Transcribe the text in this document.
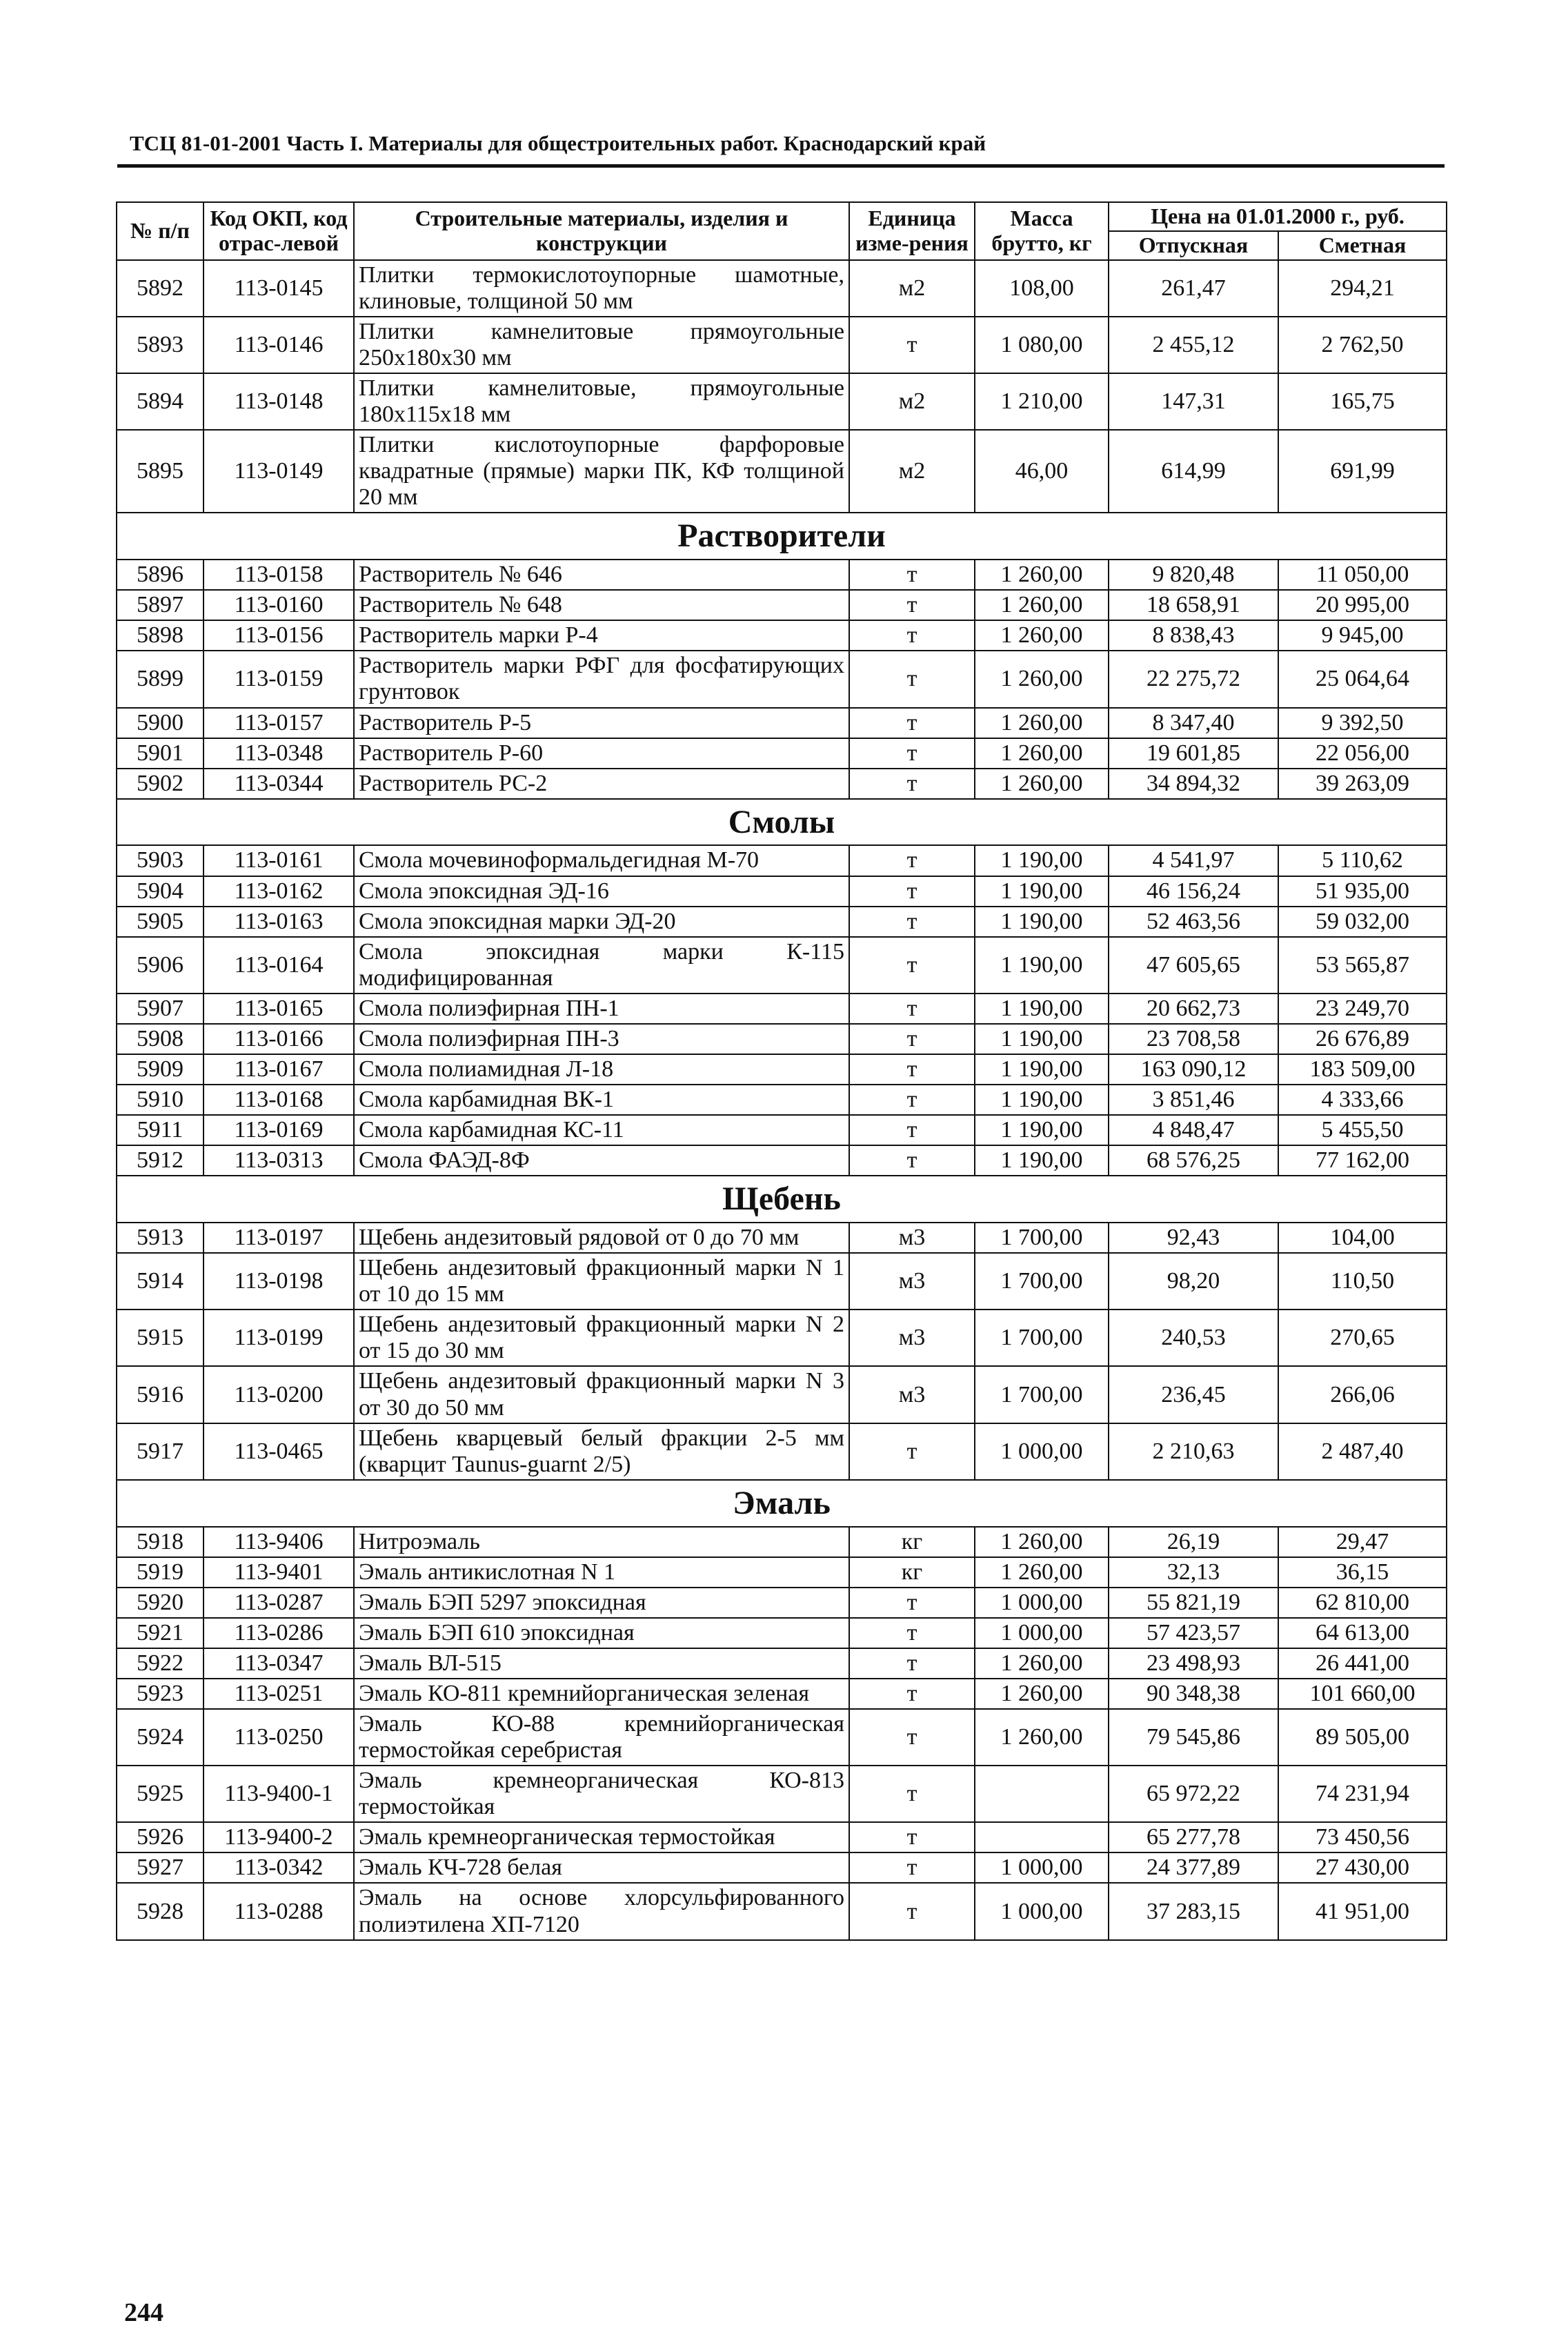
ТСЦ 81-01-2001 Часть I. Материалы для общестроительных работ. Краснодарский край
№ п/п	Код ОКП, код отрас-левой	Строительные материалы, изделия и конструкции	Единица изме-рения	Масса брутто, кг	Цена на 01.01.2000 г., руб.	
					Отпускная	Сметная
5892	113-0145	Плитки термокислотоупорные шамотные, клиновые, толщиной 50 мм	м2	108,00	261,47	294,21
5893	113-0146	Плитки камнелитовые прямоугольные 250х180х30 мм	т	1 080,00	2 455,12	2 762,50
5894	113-0148	Плитки камнелитовые, прямоугольные 180х115х18 мм	м2	1 210,00	147,31	165,75
5895	113-0149	Плитки кислотоупорные фарфоровые квадратные (прямые) марки ПК, КФ толщиной 20 мм	м2	46,00	614,99	691,99
Растворители						
5896	113-0158	Растворитель № 646	т	1 260,00	9 820,48	11 050,00
5897	113-0160	Растворитель № 648	т	1 260,00	18 658,91	20 995,00
5898	113-0156	Растворитель марки Р-4	т	1 260,00	8 838,43	9 945,00
5899	113-0159	Растворитель марки РФГ для фосфатирующих грунтовок	т	1 260,00	22 275,72	25 064,64
5900	113-0157	Растворитель Р-5	т	1 260,00	8 347,40	9 392,50
5901	113-0348	Растворитель Р-60	т	1 260,00	19 601,85	22 056,00
5902	113-0344	Растворитель РС-2	т	1 260,00	34 894,32	39 263,09
Смолы						
5903	113-0161	Смола мочевиноформальдегидная М-70	т	1 190,00	4 541,97	5 110,62
5904	113-0162	Смола эпоксидная ЭД-16	т	1 190,00	46 156,24	51 935,00
5905	113-0163	Смола эпоксидная марки ЭД-20	т	1 190,00	52 463,56	59 032,00
5906	113-0164	Смола эпоксидная марки К-115 модифицированная	т	1 190,00	47 605,65	53 565,87
5907	113-0165	Смола полиэфирная ПН-1	т	1 190,00	20 662,73	23 249,70
5908	113-0166	Смола полиэфирная ПН-3	т	1 190,00	23 708,58	26 676,89
5909	113-0167	Смола полиамидная Л-18	т	1 190,00	163 090,12	183 509,00
5910	113-0168	Смола карбамидная ВК-1	т	1 190,00	3 851,46	4 333,66
5911	113-0169	Смола карбамидная КС-11	т	1 190,00	4 848,47	5 455,50
5912	113-0313	Смола ФАЭД-8Ф	т	1 190,00	68 576,25	77 162,00
Щебень						
5913	113-0197	Щебень андезитовый рядовой от 0 до 70 мм	м3	1 700,00	92,43	104,00
5914	113-0198	Щебень андезитовый фракционный марки N 1 от 10 до 15 мм	м3	1 700,00	98,20	110,50
5915	113-0199	Щебень андезитовый фракционный марки N 2 от 15 до 30 мм	м3	1 700,00	240,53	270,65
5916	113-0200	Щебень андезитовый фракционный марки N 3 от 30 до 50 мм	м3	1 700,00	236,45	266,06
5917	113-0465	Щебень кварцевый белый фракции 2-5 мм (кварцит Taunus-guarnt 2/5)	т	1 000,00	2 210,63	2 487,40
Эмаль						
5918	113-9406	Нитроэмаль	кг	1 260,00	26,19	29,47
5919	113-9401	Эмаль антикислотная N 1	кг	1 260,00	32,13	36,15
5920	113-0287	Эмаль БЭП 5297 эпоксидная	т	1 000,00	55 821,19	62 810,00
5921	113-0286	Эмаль БЭП 610 эпоксидная	т	1 000,00	57 423,57	64 613,00
5922	113-0347	Эмаль ВЛ-515	т	1 260,00	23 498,93	26 441,00
5923	113-0251	Эмаль КО-811 кремнийорганическая зеленая	т	1 260,00	90 348,38	101 660,00
5924	113-0250	Эмаль КО-88 кремнийорганическая термостойкая серебристая	т	1 260,00	79 545,86	89 505,00
5925	113-9400-1	Эмаль кремнеорганическая КО-813 термостойкая	т		65 972,22	74 231,94
5926	113-9400-2	Эмаль кремнеорганическая термостойкая	т		65 277,78	73 450,56
5927	113-0342	Эмаль КЧ-728 белая	т	1 000,00	24 377,89	27 430,00
5928	113-0288	Эмаль на основе хлорсульфированного полиэтилена ХП-7120	т	1 000,00	37 283,15	41 951,00
244
